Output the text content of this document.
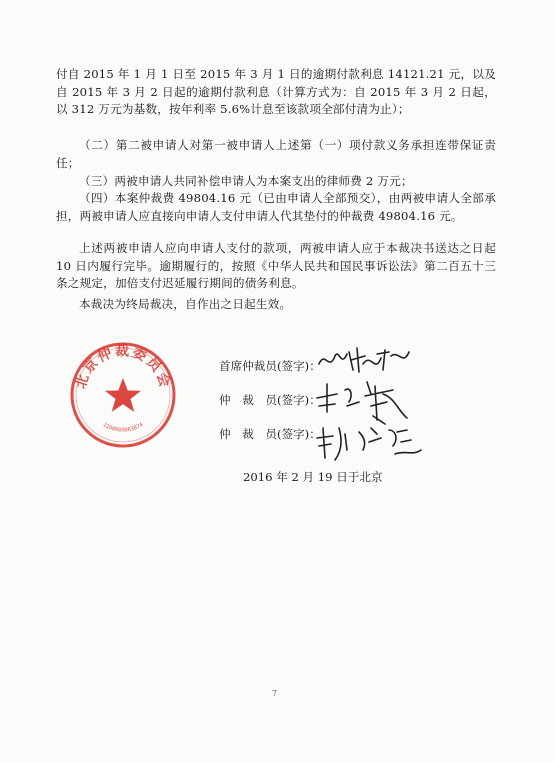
付自 2015 年 1 月 1 日至 2015 年 3 月 1 日的逾期付款利息 14121.21 元，以及自 2015 年 3 月 2 日起的逾期付款利息（计算方式为：自 2015 年 3 月 2 日起，以 312 万元为基数，按年利率 5.6%计息至该款项全部付清为止）；

（二）第二被申请人对第一被申请人上述第（一）项付款义务承担连带保证责任；

（三）两被申请人共同补偿申请人为本案支出的律师费 2 万元；

（四）本案仲裁费 49804.16 元（已由申请人全部预交），由两被申请人全部承担，两被申请人应直接向申请人支付申请人代其垫付的仲裁费 49804.16 元。

上述两被申请人应向申请人支付的款项，两被申请人应于本裁决书送达之日起 10 日内履行完毕。逾期履行的，按照《中华人民共和国民事诉讼法》第二百五十三条之规定，加倍支付迟延履行期间的债务利息。

本裁决为终局裁决，自作出之日起生效。

北京仲裁委员会
1100000063874
首席仲裁员(签字)：
仲　裁　员(签字)：
仲　裁　员(签字)：
2016 年 2 月 19 日于北京
7
